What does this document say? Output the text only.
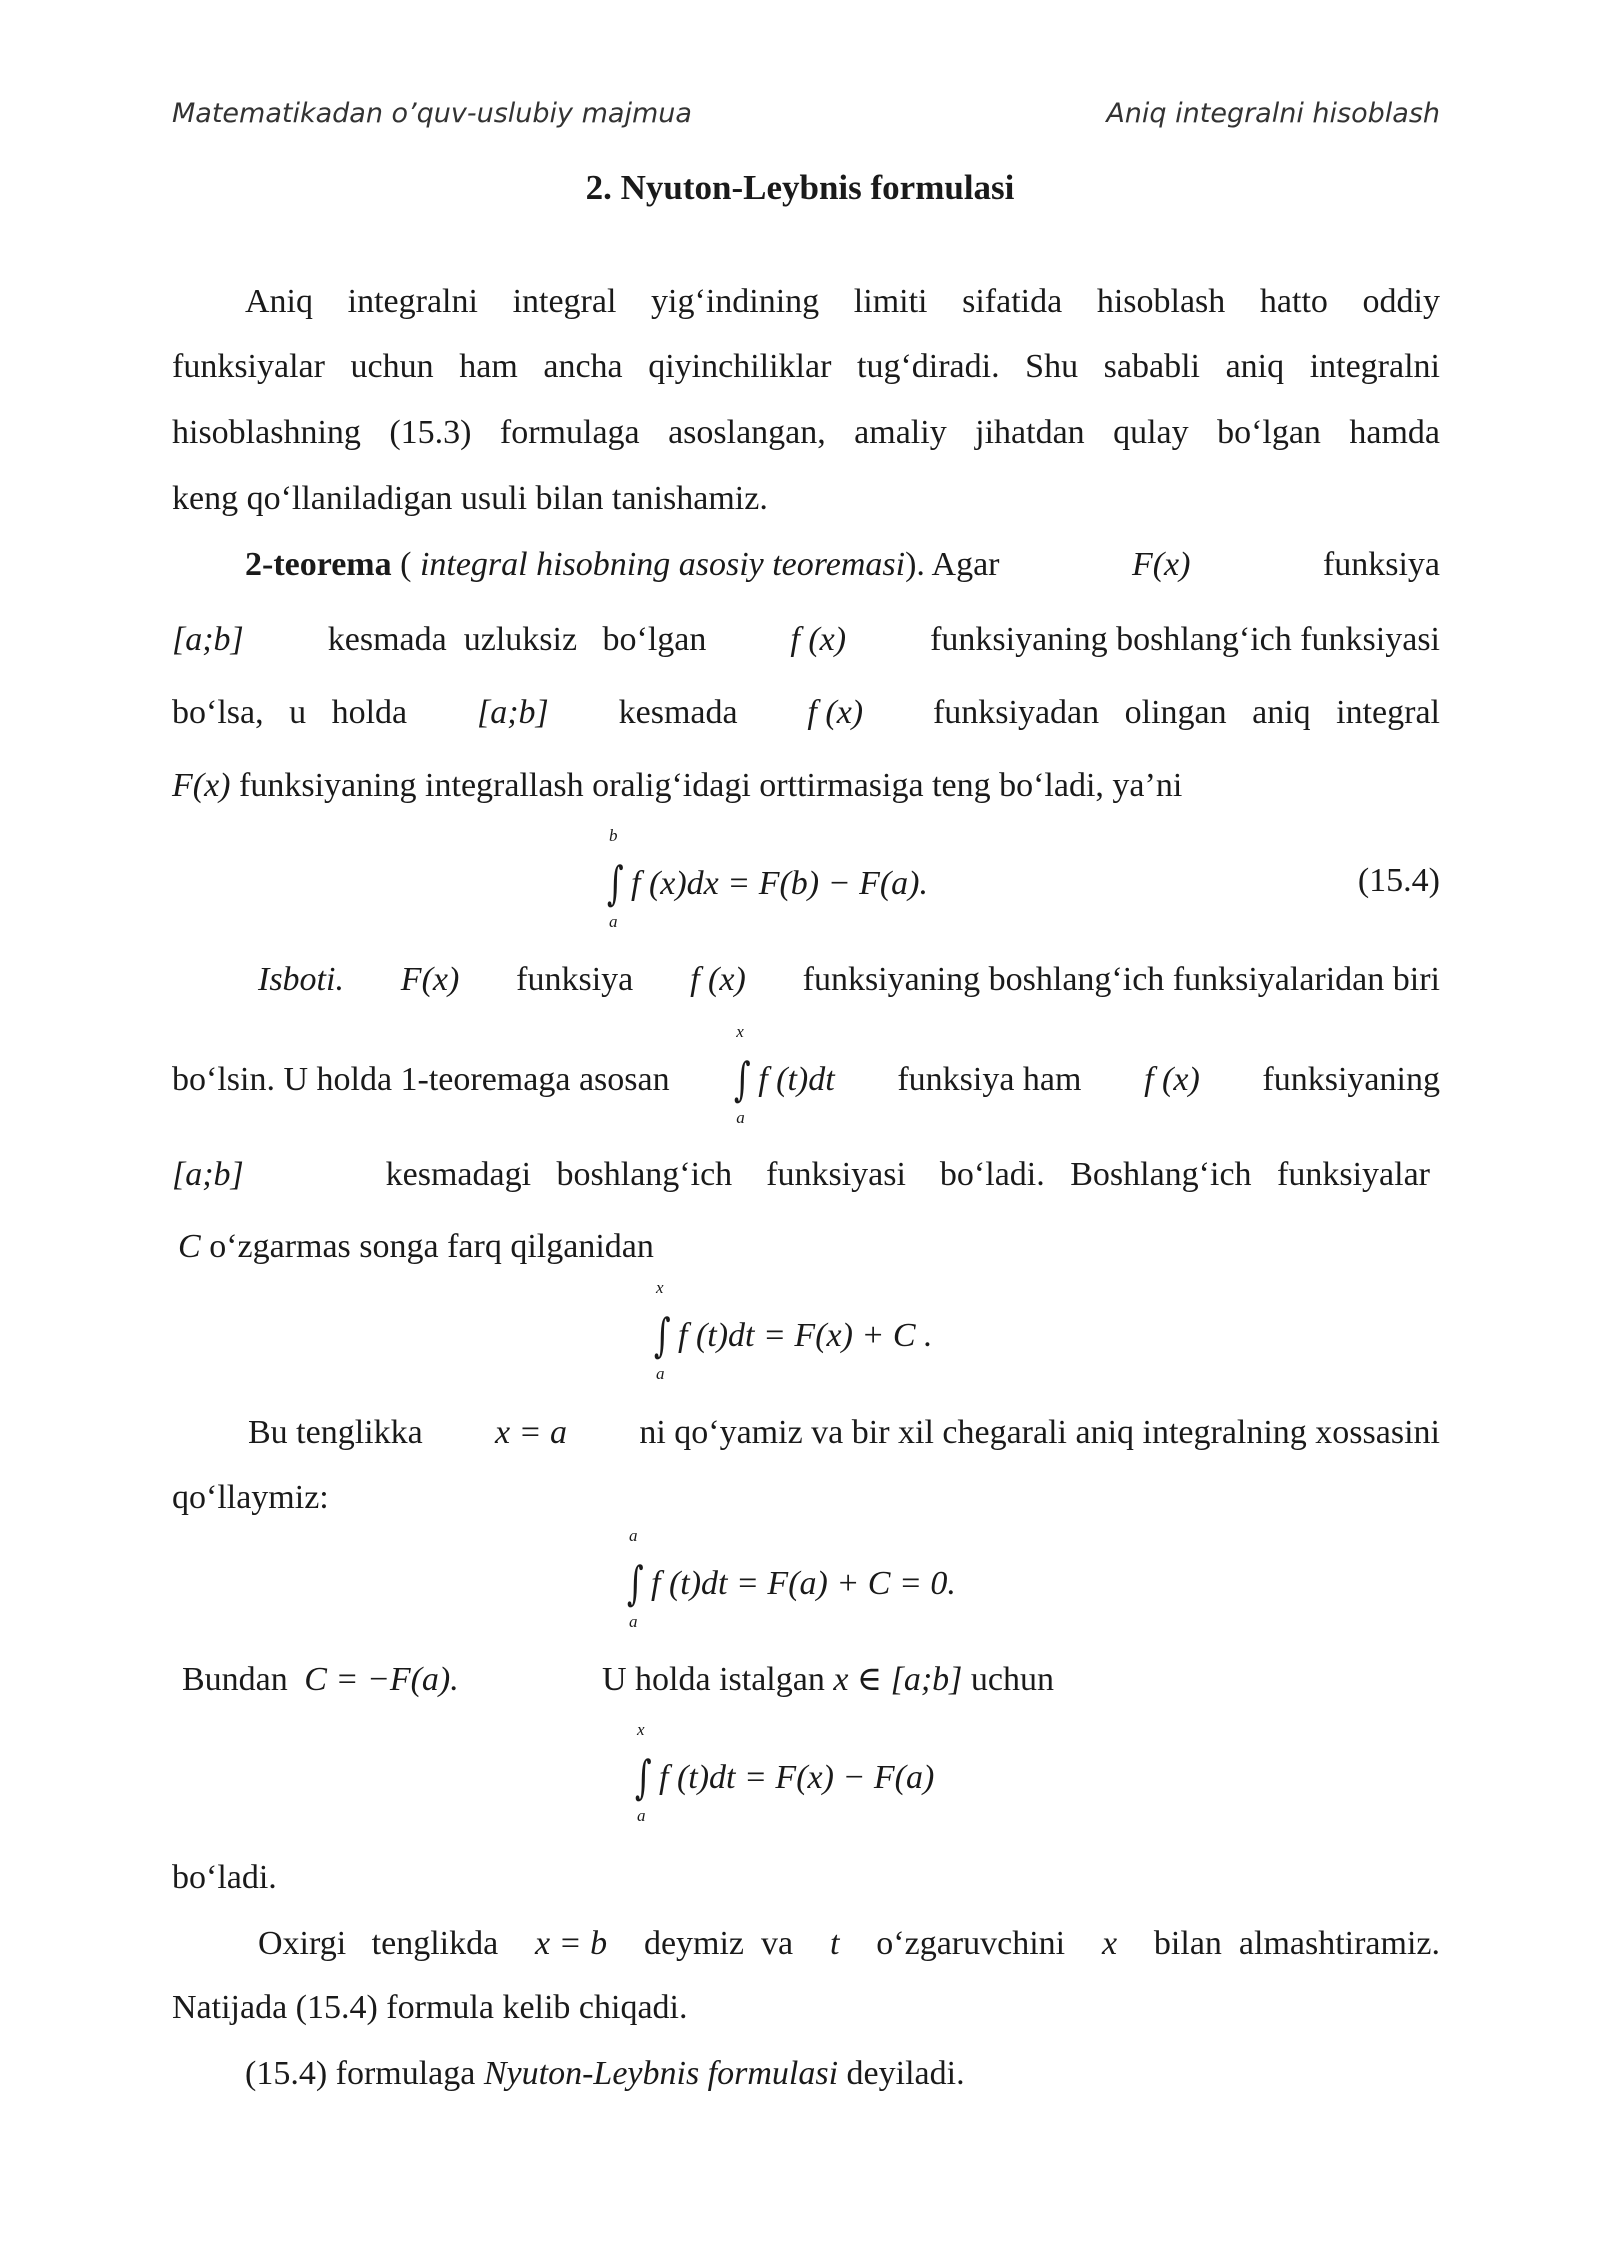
Matematikadan o’quv-uslubiy majmua	Aniq integralni hisoblash
2. Nyuton-Leybnis formulasi
Aniq integralni integral yig‘indining limiti sifatida hisoblash hatto oddiy
funksiyalar uchun ham ancha qiyinchiliklar tug‘diradi. Shu sababli aniq integralni
hisoblashning (15.3) formulaga asoslangan, amaliy jihatdan qulay bo‘lgan hamda
keng qo‘llaniladigan usuli bilan tanishamiz.
2-teorema ( integral hisobning asosiy teoremasi). Agar	F(x)	funksiya
[a;b] kesmada  uzluksiz   bo‘lgan f (x) funksiyaning boshlang‘ich funksiyasi
bo‘lsa,   u   holda [a;b] kesmada f (x) funksiyadan   olingan   aniq   integral
F(x) funksiyaning integrallash oralig‘idagi orttirmasiga teng bo‘ladi, ya’ni
∫
b
a
f (x)dx = F(b) − F(a).	(15.4)
Isboti. F(x) funksiya f (x) funksiyaning boshlang‘ich funksiyalaridan biri
bo‘lsin. U holda 1-teoremaga asosan ∫
x
a
f (t)dt funksiya ham f (x) funksiyaning
[a;b]	kesmadagi   boshlang‘ich    funksiyasi    bo‘ladi.   Boshlang‘ich   funksiyalar
C o‘zgarmas songa farq qilganidan
∫
x
a
f (t)dt = F(x) + C .
Bu tenglikka x = a ni qo‘yamiz va bir xil chegarali aniq integralning xossasini
qo‘llaymiz:
∫
a
a
f (t)dt = F(a) + C = 0.
Bundan C = −F(a).	U holda istalgan x ∈ [a;b] uchun
∫
x
a
f (t)dt = F(x) − F(a)
bo‘ladi.
Oxirgi   tenglikda x = b deymiz  va t o‘zgaruvchini x bilan  almashtiramiz.
Natijada (15.4) formula kelib chiqadi.
(15.4) formulaga Nyuton-Leybnis formulasi deyiladi.
